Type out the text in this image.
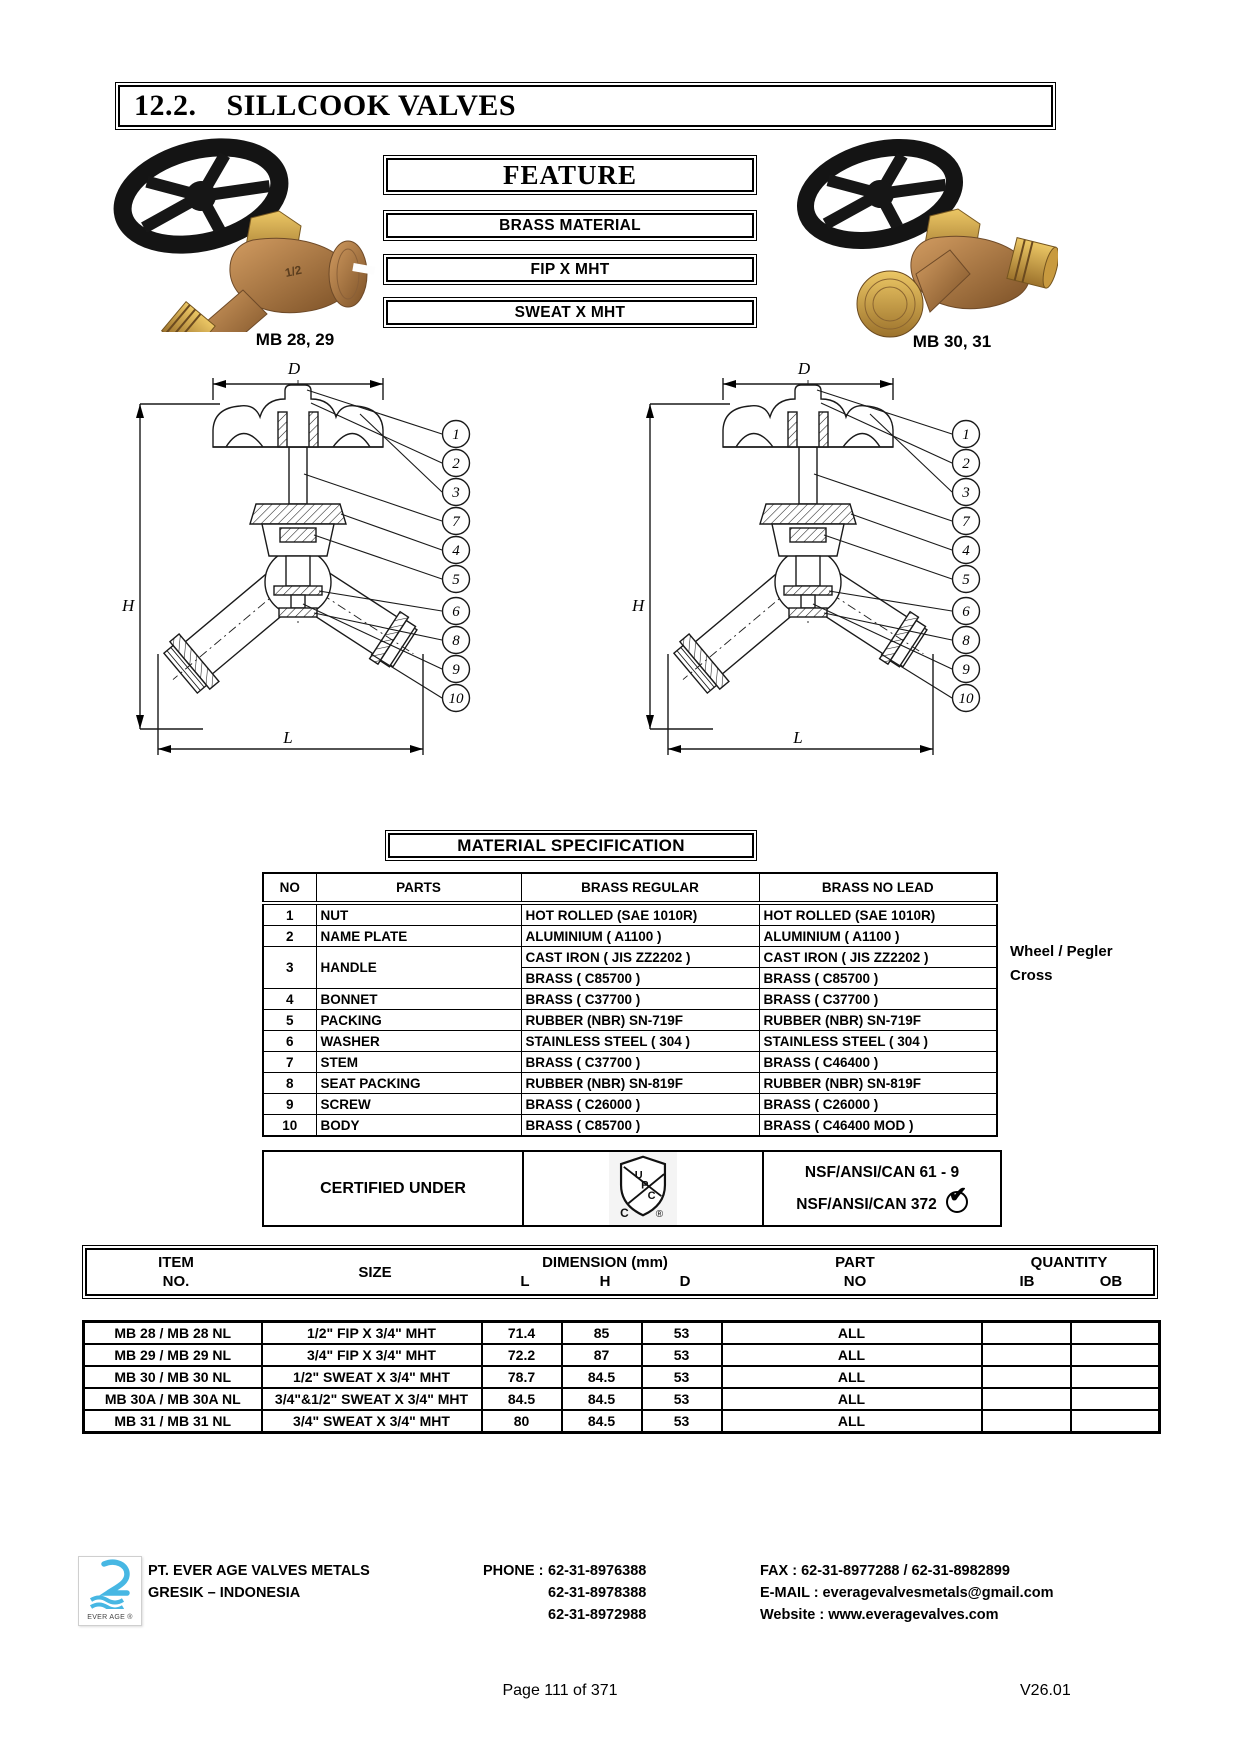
12.2. SILLCOOK VALVES
1/2
MB 28, 29	MB 30, 31
FEATURE
BRASS MATERIAL
FIP X MHT
SWEAT X MHT
D
H
L
1
2
3
7
4
5
6
8
9
10
D
H
L
1
2
3
7
4
5
6
8
9
10
MATERIAL SPECIFICATION
NO	PARTS	BRASS REGULAR	BRASS NO LEAD
1	NUT	HOT ROLLED (SAE 1010R)	HOT ROLLED (SAE 1010R)
2	NAME PLATE	ALUMINIUM ( A1100 )	ALUMINIUM ( A1100 )
3	HANDLE	CAST IRON ( JIS ZZ2202 )	CAST IRON ( JIS ZZ2202 )
		BRASS ( C85700 )	BRASS ( C85700 )
4	BONNET	BRASS ( C37700 )	BRASS ( C37700 )
5	PACKING	RUBBER (NBR) SN-719F	RUBBER (NBR) SN-719F
6	WASHER	STAINLESS STEEL ( 304 )	STAINLESS STEEL ( 304 )
7	STEM	BRASS ( C37700 )	BRASS ( C46400 )
8	SEAT PACKING	RUBBER (NBR) SN-819F	RUBBER (NBR) SN-819F
9	SCREW	BRASS ( C26000 )	BRASS ( C26000 )
10	BODY	BRASS ( C85700 )	BRASS ( C46400 MOD )
Wheel / Pegler
Cross
CERTIFIED UNDER
U
P
C
C ®
NSF/ANSI/CAN 61 - 9
NSF/ANSI/CAN 372 ✔
ITEM
NO.
SIZE
DIMENSION (mm)
L	H	D
PART
NO
QUANTITY
IB	OB
MB 28 / MB 28 NL	1/2" FIP X 3/4" MHT	71.4	85	53	ALL		
MB 29 / MB 29 NL	3/4" FIP X 3/4" MHT	72.2	87	53	ALL		
MB 30 / MB 30 NL	1/2" SWEAT X 3/4" MHT	78.7	84.5	53	ALL		
MB 30A / MB 30A NL	3/4"&1/2" SWEAT X 3/4" MHT	84.5	84.5	53	ALL		
MB 31 / MB 31 NL	3/4" SWEAT X 3/4" MHT	80	84.5	53	ALL		
EVER AGE ®
PT. EVER AGE VALVES METALS
GRESIK – INDONESIA
PHONE : 62-31-8976388
62-31-8978388
62-31-8972988
FAX : 62-31-8977288 / 62-31-8982899
E-MAIL : everagevalvesmetals@gmail.com
Website : www.everagevalves.com
Page 111 of 371	V26.01
